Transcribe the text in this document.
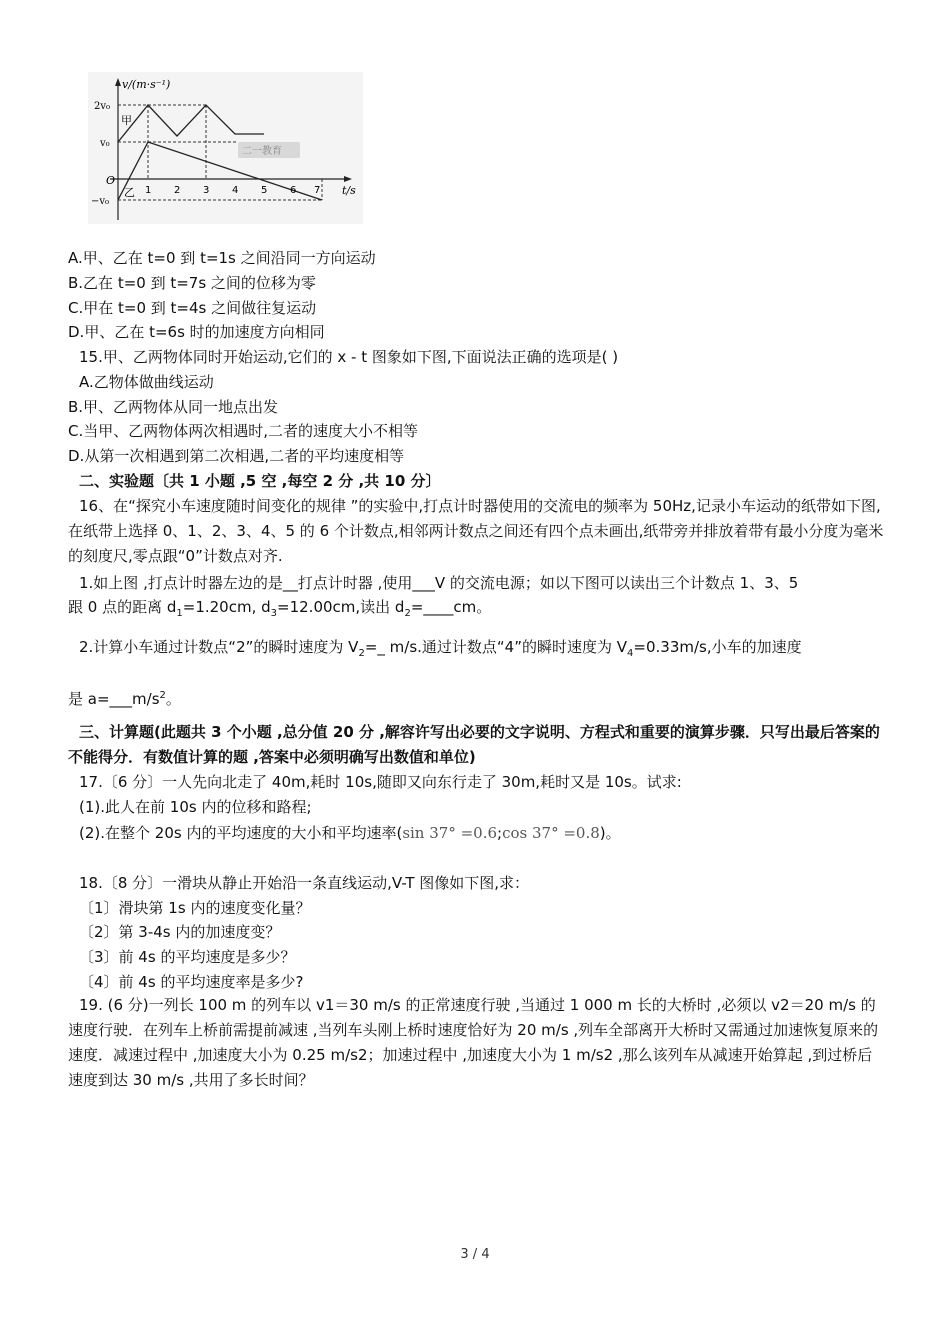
二一教育
v/(m·s⁻¹)
t/s
O
2v₀
v₀
−v₀
1 2 3 4 5 6 7
甲
乙
A.甲、乙在 t=0 到 t=1s 之间沿同一方向运动
B.乙在 t=0 到 t=7s 之间的位移为零
C.甲在 t=0 到 t=4s 之间做往复运动
D.甲、乙在 t=6s 时的加速度方向相同
15.甲、乙两物体同时开始运动,它们的 x - t 图象如下图,下面说法正确的选项是( )
A.乙物体做曲线运动
B.甲、乙两物体从同一地点出发
C.当甲、乙两物体两次相遇时,二者的速度大小不相等
D.从第一次相遇到第二次相遇,二者的平均速度相等
二、实验题〔共 1 小题 ,5 空 ,每空 2 分 ,共 10 分〕
16、在“探究小车速度随时间变化的规律 ”的实验中,打点计时器使用的交流电的频率为 50Hz,记录小车运动的纸带如下图,在纸带上选择 0、1、2、3、4、5 的 6 个计数点,相邻两计数点之间还有四个点未画出,纸带旁并排放着带有最小分度为毫米的刻度尺,零点跟“0”计数点对齐.
1.如上图 ,打点计时器左边的是__打点计时器 ,使用___V 的交流电源；如以下图可以读出三个计数点 1、3、5
跟 0 点的距离 $d_1=1.20cm$, $d_3=12.00cm$,读出 $d_2=\_\_\_\_cm$。
2.计算小车通过计数点“2”的瞬时速度为 $V_2=\_$ m/s.通过计数点“4”的瞬时速度为 $V_4=0.33m/s$,小车的加速度
是 $a=\_\_\_m/s^2$。
三、计算题(此题共 3 个小题 ,总分值 20 分 ,解容许写出必要的文字说明、方程式和重要的演算步骤．只写出最后答案的不能得分．有数值计算的题 ,答案中必须明确写出数值和单位)
17.〔6 分〕一人先向北走了 40m,耗时 10s,随即又向东行走了 30m,耗时又是 10s。试求:
(1).此人在前 10s 内的位移和路程;
(2).在整个 20s 内的平均速度的大小和平均速率(sin 37° =0.6;cos 37° =0.8)。
18.〔8 分〕一滑块从静止开始沿一条直线运动,V-T 图像如下图,求：
〔1〕滑块第 1s 内的速度变化量？
〔2〕第 3-4s 内的加速度变？
〔3〕前 4s 的平均速度是多少？
〔4〕前 4s 的平均速度率是多少?
19. (6 分)一列长 100 m 的列车以 v1＝30 m/s 的正常速度行驶 ,当通过 1 000 m 长的大桥时 ,必须以 v2＝20 m/s 的速度行驶．在列车上桥前需提前减速 ,当列车头刚上桥时速度恰好为 20 m/s ,列车全部离开大桥时又需通过加速恢复原来的速度．减速过程中 ,加速度大小为 0.25 m/s2；加速过程中 ,加速度大小为 1 m/s2 ,那么该列车从减速开始算起 ,到过桥后速度到达 30 m/s ,共用了多长时间？
3 / 4
